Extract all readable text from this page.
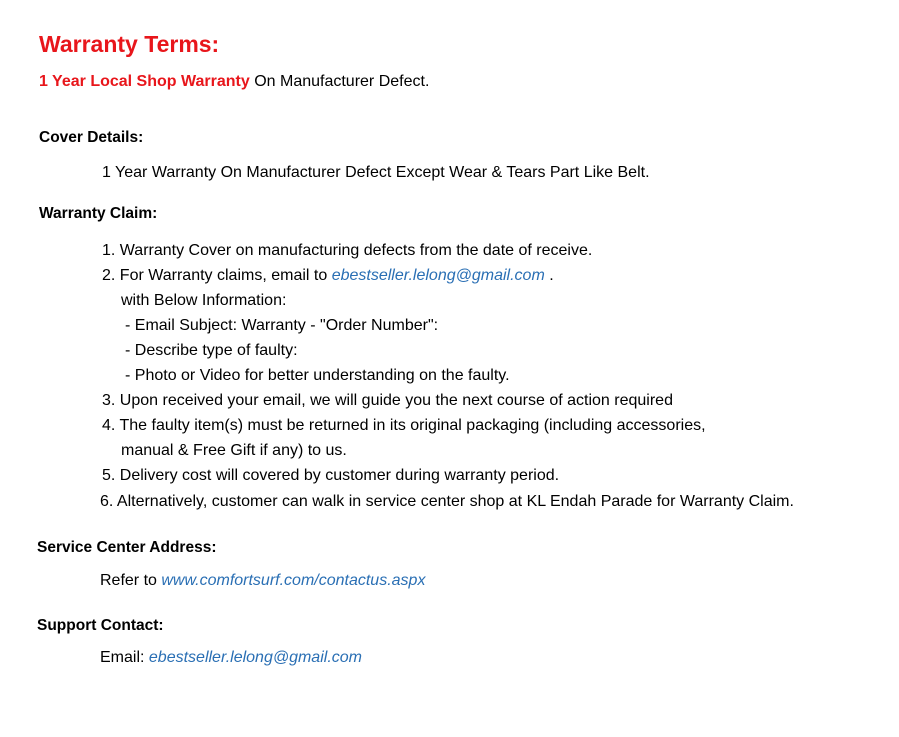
Warranty Terms:
1 Year Local Shop Warranty On Manufacturer Defect.
Cover Details:
1 Year Warranty On Manufacturer Defect Except Wear & Tears Part Like Belt.
Warranty Claim:
1. Warranty Cover on manufacturing defects from the date of receive.
2. For Warranty claims, email to ebestseller.lelong@gmail.com .
with Below Information:
- Email Subject: Warranty - "Order Number":
- Describe type of faulty:
- Photo or Video for better understanding on the faulty.
3. Upon received your email, we will guide you the next course of action required
4. The faulty item(s) must be returned in its original packaging (including accessories,
manual & Free Gift if any) to us.
5. Delivery cost will covered by customer during warranty period.
6. Alternatively, customer can walk in service center shop at KL Endah Parade for Warranty Claim.
Service Center Address:
Refer to www.comfortsurf.com/contactus.aspx
Support Contact:
Email: ebestseller.lelong@gmail.com
